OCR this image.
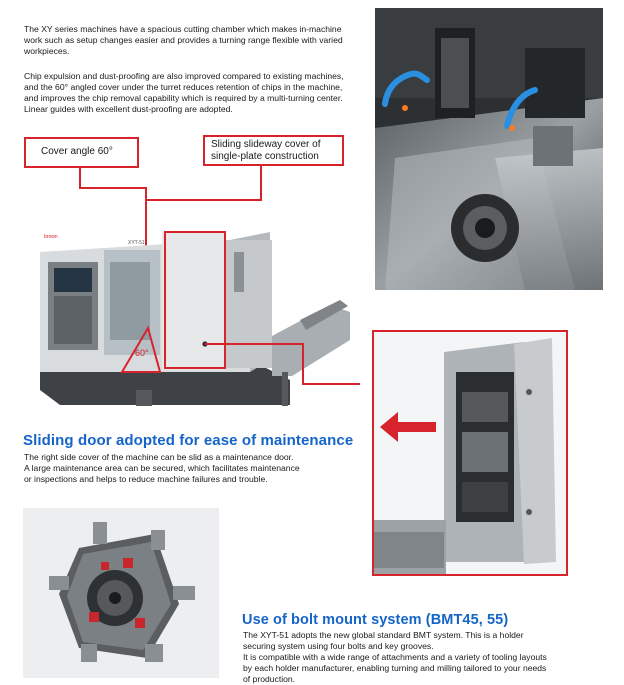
The XY series machines have a spacious cutting chamber which makes in-machine work such as setup changes easier and provides a turning range flexible with varied workpieces.

Chip expulsion and dust-proofing are also improved compared to existing machines, and the 60° angled cover under the turret reduces retention of chips in the machine, and improves the chip removal capability which is required by a multi-turning center. Linear guides with excellent dust-proofing are adopted.

Cover angle 60°
Sliding slideway cover of
single-plate construction
brown
XYT-51
60°
Sliding door adopted for ease of maintenance

The right side cover of the machine can be slid as a maintenance door.

A large maintenance area can be secured, which facilitates maintenance

or inspections and helps to reduce machine failures and trouble.

Use of bolt mount system (BMT45, 55)

The XYT-51 adopts the new global standard BMT system. This is a holder

securing system using four bolts and key grooves.

It is compatible with a wide range of attachments and a variety of tooling layouts

by each holder manufacturer, enabling turning and milling tailored to your needs

of production.
